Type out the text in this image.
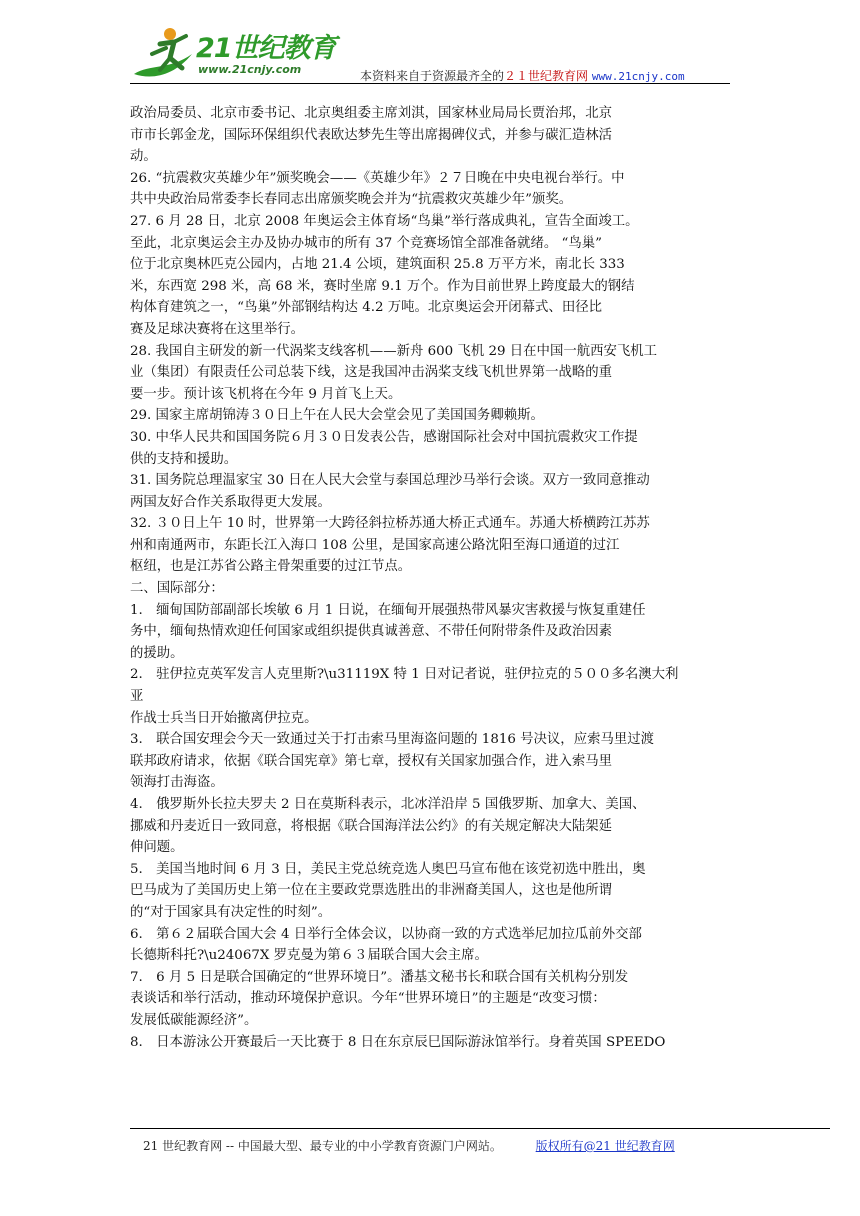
21世纪教育
www.21cnjy.com	本资料来自于资源最齐全的２１世纪教育网 www.21cnjy.com

政治局委员、北京市委书记、北京奥组委主席刘淇，国家林业局局长贾治邦，北京

市市长郭金龙，国际环保组织代表欧达梦先生等出席揭碑仪式，并参与碳汇造林活

动。

26. “抗震救灾英雄少年”颁奖晚会——《英雄少年》２７日晚在中央电视台举行。中

共中央政治局常委李长春同志出席颁奖晚会并为“抗震救灾英雄少年”颁奖。

27. 6 月 28 日，北京 2008 年奥运会主体育场“鸟巢”举行落成典礼，宣告全面竣工。

至此，北京奥运会主办及协办城市的所有 37 个竞赛场馆全部准备就绪。 “鸟巢”

位于北京奥林匹克公园内，占地 21.4 公顷，建筑面积 25.8 万平方米，南北长 333

米，东西宽 298 米，高 68 米，赛时坐席 9.1 万个。作为目前世界上跨度最大的钢结

构体育建筑之一，“鸟巢”外部钢结构达 4.2 万吨。北京奥运会开闭幕式、田径比

赛及足球决赛将在这里举行。

28. 我国自主研发的新一代涡桨支线客机——新舟 600 飞机 29 日在中国一航西安飞机工

业（集团）有限责任公司总装下线，这是我国冲击涡桨支线飞机世界第一战略的重

要一步。预计该飞机将在今年 9 月首飞上天。

29. 国家主席胡锦涛３０日上午在人民大会堂会见了美国国务卿赖斯。

30. 中华人民共和国国务院６月３０日发表公告，感谢国际社会对中国抗震救灾工作提

供的支持和援助。

31. 国务院总理温家宝 30 日在人民大会堂与泰国总理沙马举行会谈。双方一致同意推动

两国友好合作关系取得更大发展。

32. ３０日上午 10 时，世界第一大跨径斜拉桥苏通大桥正式通车。苏通大桥横跨江苏苏

州和南通两市，东距长江入海口 108 公里，是国家高速公路沈阳至海口通道的过江

枢纽，也是江苏省公路主骨架重要的过江节点。

二、国际部分：

1.　缅甸国防部副部长埃敏 6 月 1 日说，在缅甸开展强热带风暴灾害救援与恢复重建任

务中，缅甸热情欢迎任何国家或组织提供真诚善意、不带任何附带条件及政治因素

的援助。

2.　驻伊拉克英军发言人克里斯?\u31119X 特 1 日对记者说，驻伊拉克的５００多名澳大利

亚

作战士兵当日开始撤离伊拉克。

3.　联合国安理会今天一致通过关于打击索马里海盗问题的 1816 号决议，应索马里过渡

联邦政府请求，依据《联合国宪章》第七章，授权有关国家加强合作，进入索马里

领海打击海盗。

4.　俄罗斯外长拉夫罗夫 2 日在莫斯科表示，北冰洋沿岸 5 国俄罗斯、加拿大、美国、

挪威和丹麦近日一致同意，将根据《联合国海洋法公约》的有关规定解决大陆架延

伸问题。

5.　美国当地时间 6 月 3 日，美民主党总统竞选人奥巴马宣布他在该党初选中胜出，奥

巴马成为了美国历史上第一位在主要政党票选胜出的非洲裔美国人，这也是他所谓

的“对于国家具有决定性的时刻”。

6.　第６２届联合国大会 4 日举行全体会议，以协商一致的方式选举尼加拉瓜前外交部

长德斯科托?\u24067X 罗克曼为第６３届联合国大会主席。

7.　6 月 5 日是联合国确定的“世界环境日”。潘基文秘书长和联合国有关机构分别发

表谈话和举行活动，推动环境保护意识。今年“世界环境日”的主题是“改变习惯：

发展低碳能源经济”。

8.　日本游泳公开赛最后一天比赛于 8 日在东京辰巳国际游泳馆举行。身着英国 SPEEDO

21 世纪教育网 -- 中国最大型、最专业的中小学教育资源门户网站。	版权所有@21 世纪教育网
